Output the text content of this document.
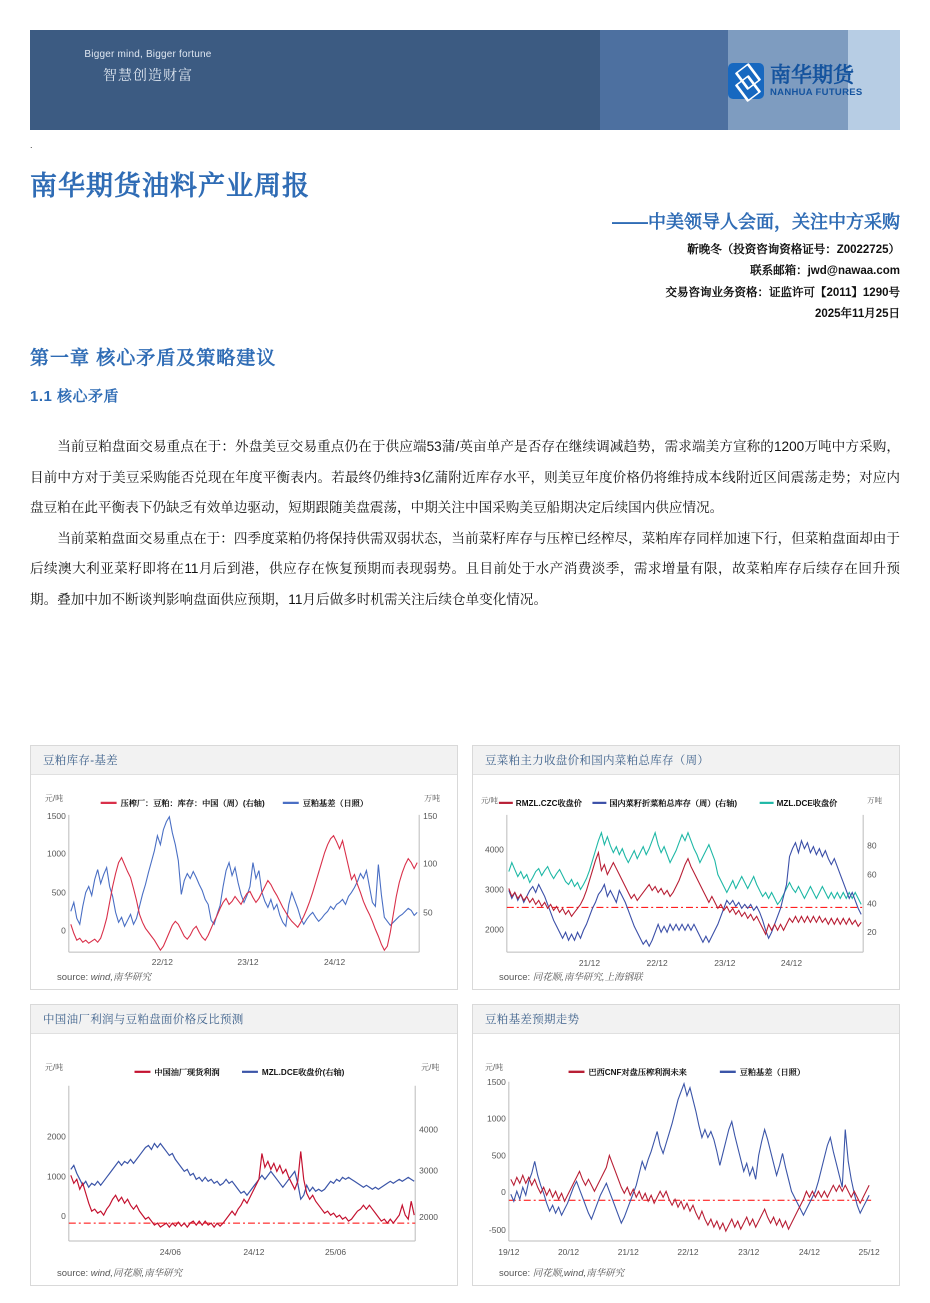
Bigger mind, Bigger fortune
智慧创造财富	南华期货
NANHUA FUTURES
.
南华期货油料产业周报
——中美领导人会面，关注中方采购
靳晚冬（投资咨询资格证号：Z0022725）
联系邮箱：jwd@nawaa.com
交易咨询业务资格：证监许可【2011】1290号
2025年11月25日
第一章 核心矛盾及策略建议
1.1 核心矛盾

当前豆粕盘面交易重点在于：外盘美豆交易重点仍在于供应端53蒲/英亩单产是否存在继续调减趋势，需求端美方宣称的1200万吨中方采购，目前中方对于美豆采购能否兑现在年度平衡表内。若最终仍维持3亿蒲附近库存水平，则美豆年度价格仍将维持成本线附近区间震荡走势；对应内盘豆粕在此平衡表下仍缺乏有效单边驱动，短期跟随美盘震荡，中期关注中国采购美豆船期决定后续国内供应情况。

当前菜粕盘面交易重点在于：四季度菜粕仍将保持供需双弱状态，当前菜籽库存与压榨已经榨尽，菜粕库存同样加速下行，但菜粕盘面却由于后续澳大利亚菜籽即将在11月后到港，供应存在恢复预期而表现弱势。且目前处于水产消费淡季，需求增量有限，故菜粕库存后续存在回升预期。叠加中加不断谈判影响盘面供应预期，11月后做多时机需关注后续仓单变化情况。

豆粕库存-基差
元/吨	万吨
压榨厂：豆粕：库存：中国（周）(右轴)	豆粕基差（日照）
1500
1000
500
0
150
100
50
22/12	23/12	24/12
source: wind,南华研究
豆菜粕主力收盘价和国内菜粕总库存（周）
元/吨	万吨
RMZL.CZC收盘价	国内菜籽折菜粕总库存（周）(右轴)	MZL.DCE收盘价
4000
3000
2000
80
60
40
20
21/12	22/12	23/12	24/12
source: 同花顺,南华研究,上海钢联
中国油厂利润与豆粕盘面价格反比预测
元/吨	元/吨
中国油厂现货利润	MZL.DCE收盘价(右轴)
2000
1000
0
4000
3000
2000
24/06	24/12	25/06
source: wind,同花顺,南华研究
豆粕基差预期走势
元/吨
巴西CNF对盘压榨利润未来	豆粕基差（日照）
1500
1000
500
0
-500
19/12	20/12	21/12	22/12	23/12	24/12	25/12
source: 同花顺,wind,南华研究
